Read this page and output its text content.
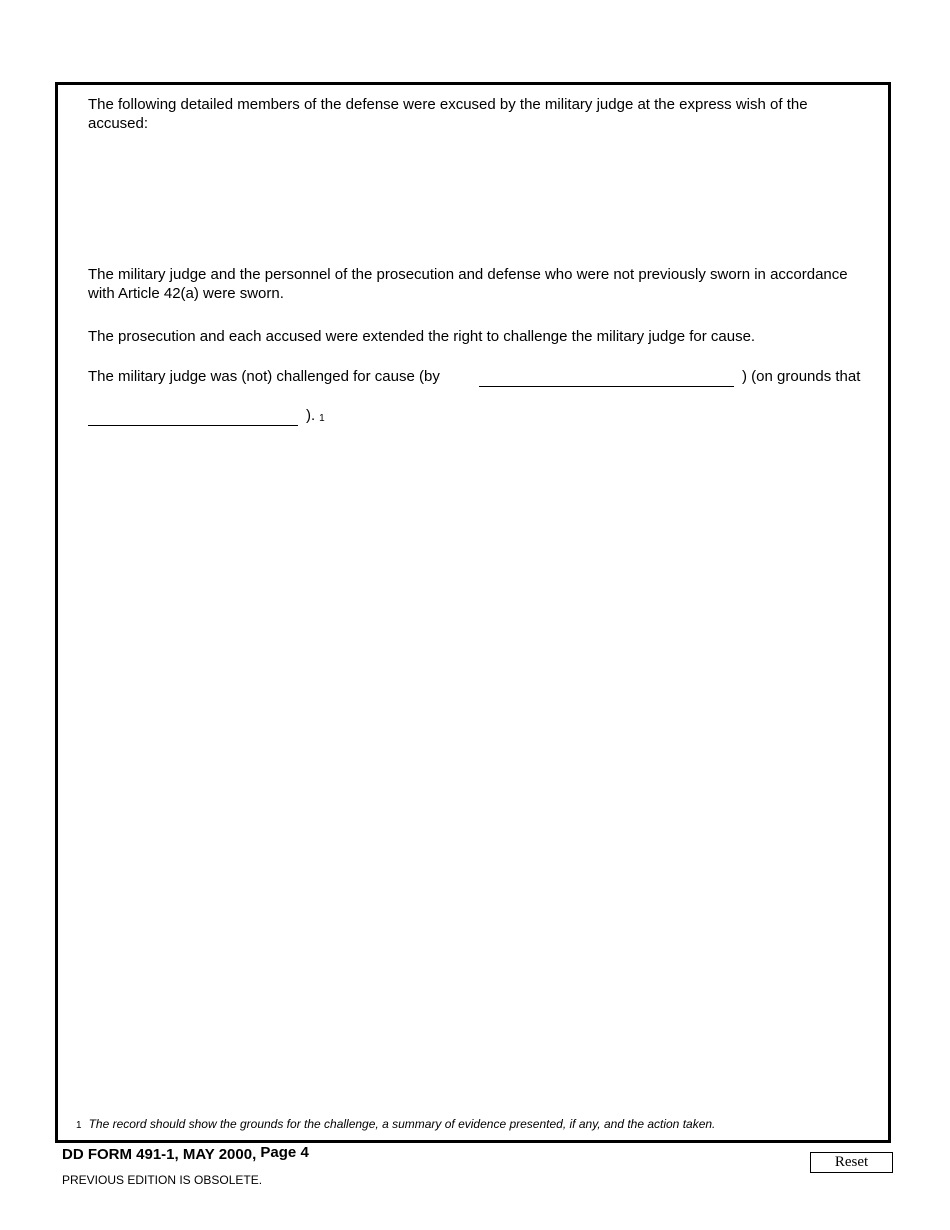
The following detailed members of the defense were excused by the military judge at the express wish of the accused:

The military judge and the personnel of the prosecution and defense who were not previously sworn in accordance with Article 42(a) were sworn.

The prosecution and each accused were extended the right to challenge the military judge for cause.

The military judge was (not) challenged for cause (by	) (on grounds that
). 1
1 The record should show the grounds for the challenge, a summary of evidence presented, if any, and the action taken.
DD FORM 491-1, MAY 2000, Page 4
PREVIOUS EDITION IS OBSOLETE.
Reset
